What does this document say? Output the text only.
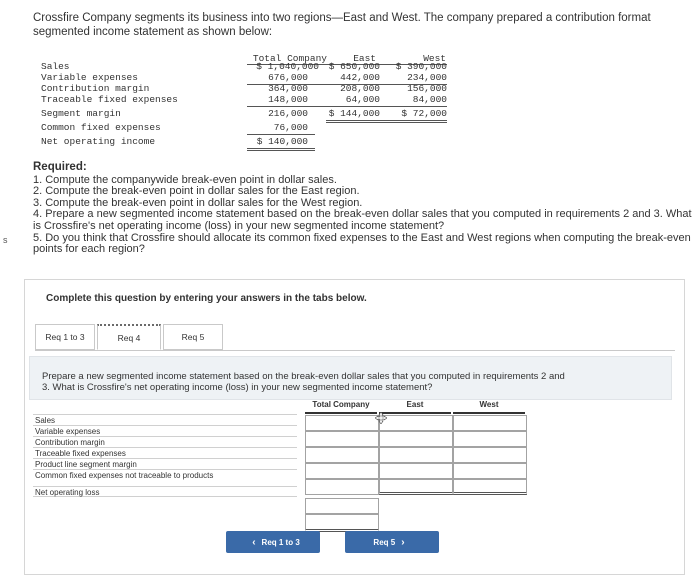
Crossfire Company segments its business into two regions—East and West. The company prepared a contribution format segmented income statement as shown below:
Total Company	East	West
Sales	$ 1,040,000	$ 650,000	$ 390,000
Variable expenses	676,000	442,000	234,000
Contribution margin	364,000	208,000	156,000
Traceable fixed expenses	148,000	64,000	84,000
Segment margin	216,000	$ 144,000	$ 72,000
Common fixed expenses	76,000
Net operating income	$ 140,000
Required:
1. Compute the companywide break-even point in dollar sales.
2. Compute the break-even point in dollar sales for the East region.
3. Compute the break-even point in dollar sales for the West region.
4. Prepare a new segmented income statement based on the break-even dollar sales that you computed in requirements 2 and 3. What is Crossfire's net operating income (loss) in your new segmented income statement?
5. Do you think that Crossfire should allocate its common fixed expenses to the East and West regions when computing the break-even points for each region?
s
Complete this question by entering your answers in the tabs below.
Req 1 to 3	Req 4	Req 5

Prepare a new segmented income statement based on the break-even dollar sales that you computed in requirements 2 and
3. What is Crossfire's net operating income (loss) in your new segmented income statement?

Total Company	East	West
Sales
Variable expenses
Contribution margin
Traceable fixed expenses
Product line segment margin
Common fixed expenses not traceable to products
Net operating loss
‹ Req 1 to 3	Req 5 ›
